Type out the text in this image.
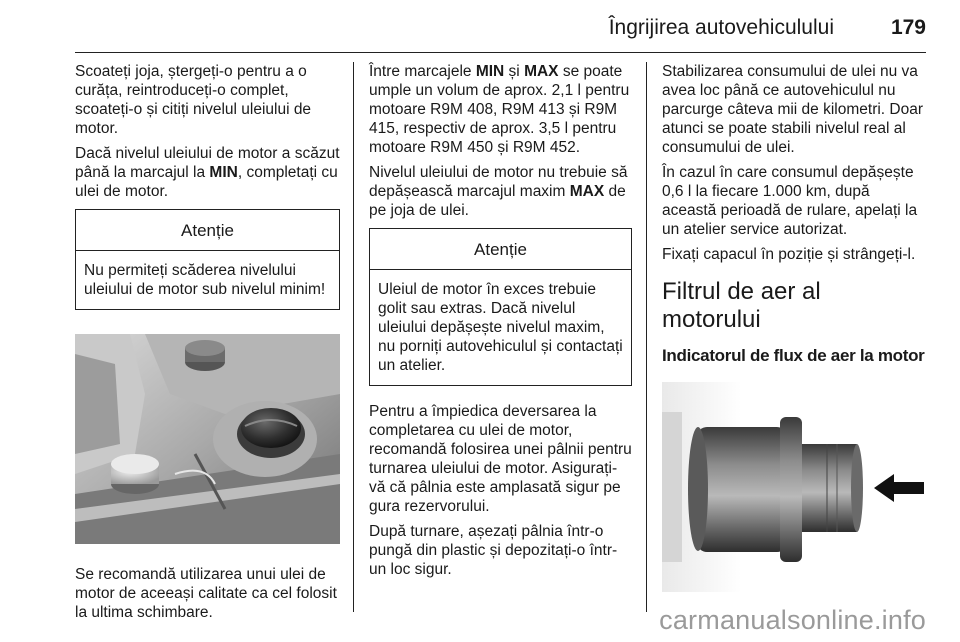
Îngrijirea autovehiculului	179

Scoateți joja, ștergeți-o pentru a o curăța, reintroduceți-o complet, scoateți-o și citiți nivelul uleiului de motor.

Dacă nivelul uleiului de motor a scăzut până la marcajul la MIN, completați cu ulei de motor.

Atenție
Nu permiteți scăderea nivelului uleiului de motor sub nivelul minim!

Se recomandă utilizarea unui ulei de motor de aceeași calitate ca cel folosit la ultima schimbare.

Între marcajele MIN și MAX se poate umple un volum de aprox. 2,1 l pentru motoare R9M 408, R9M 413 și R9M 415, respectiv de aprox. 3,5 l pentru motoare R9M 450 și R9M 452.

Nivelul uleiului de motor nu trebuie să depășească marcajul maxim MAX de pe joja de ulei.

Atenție
Uleiul de motor în exces trebuie golit sau extras. Dacă nivelul uleiului depășește nivelul maxim, nu porniți autovehiculul și contactați un atelier.

Pentru a împiedica deversarea la completarea cu ulei de motor, recomandă folosirea unei pâlnii pentru turnarea uleiului de motor. Asigurați-vă că pâlnia este amplasată sigur pe gura rezervorului.

După turnare, așezați pâlnia într-o pungă din plastic și depozitați-o într-un loc sigur.

Stabilizarea consumului de ulei nu va avea loc până ce autovehiculul nu parcurge câteva mii de kilometri. Doar atunci se poate stabili nivelul real al consumului de ulei.

În cazul în care consumul depășește 0,6 l la fiecare 1.000 km, după această perioadă de rulare, apelați la un atelier service autorizat.

Fixați capacul în poziție și strângeți-l.

Filtrul de aer al motorului
Indicatorul de flux de aer la motor
carmanualsonline.info
